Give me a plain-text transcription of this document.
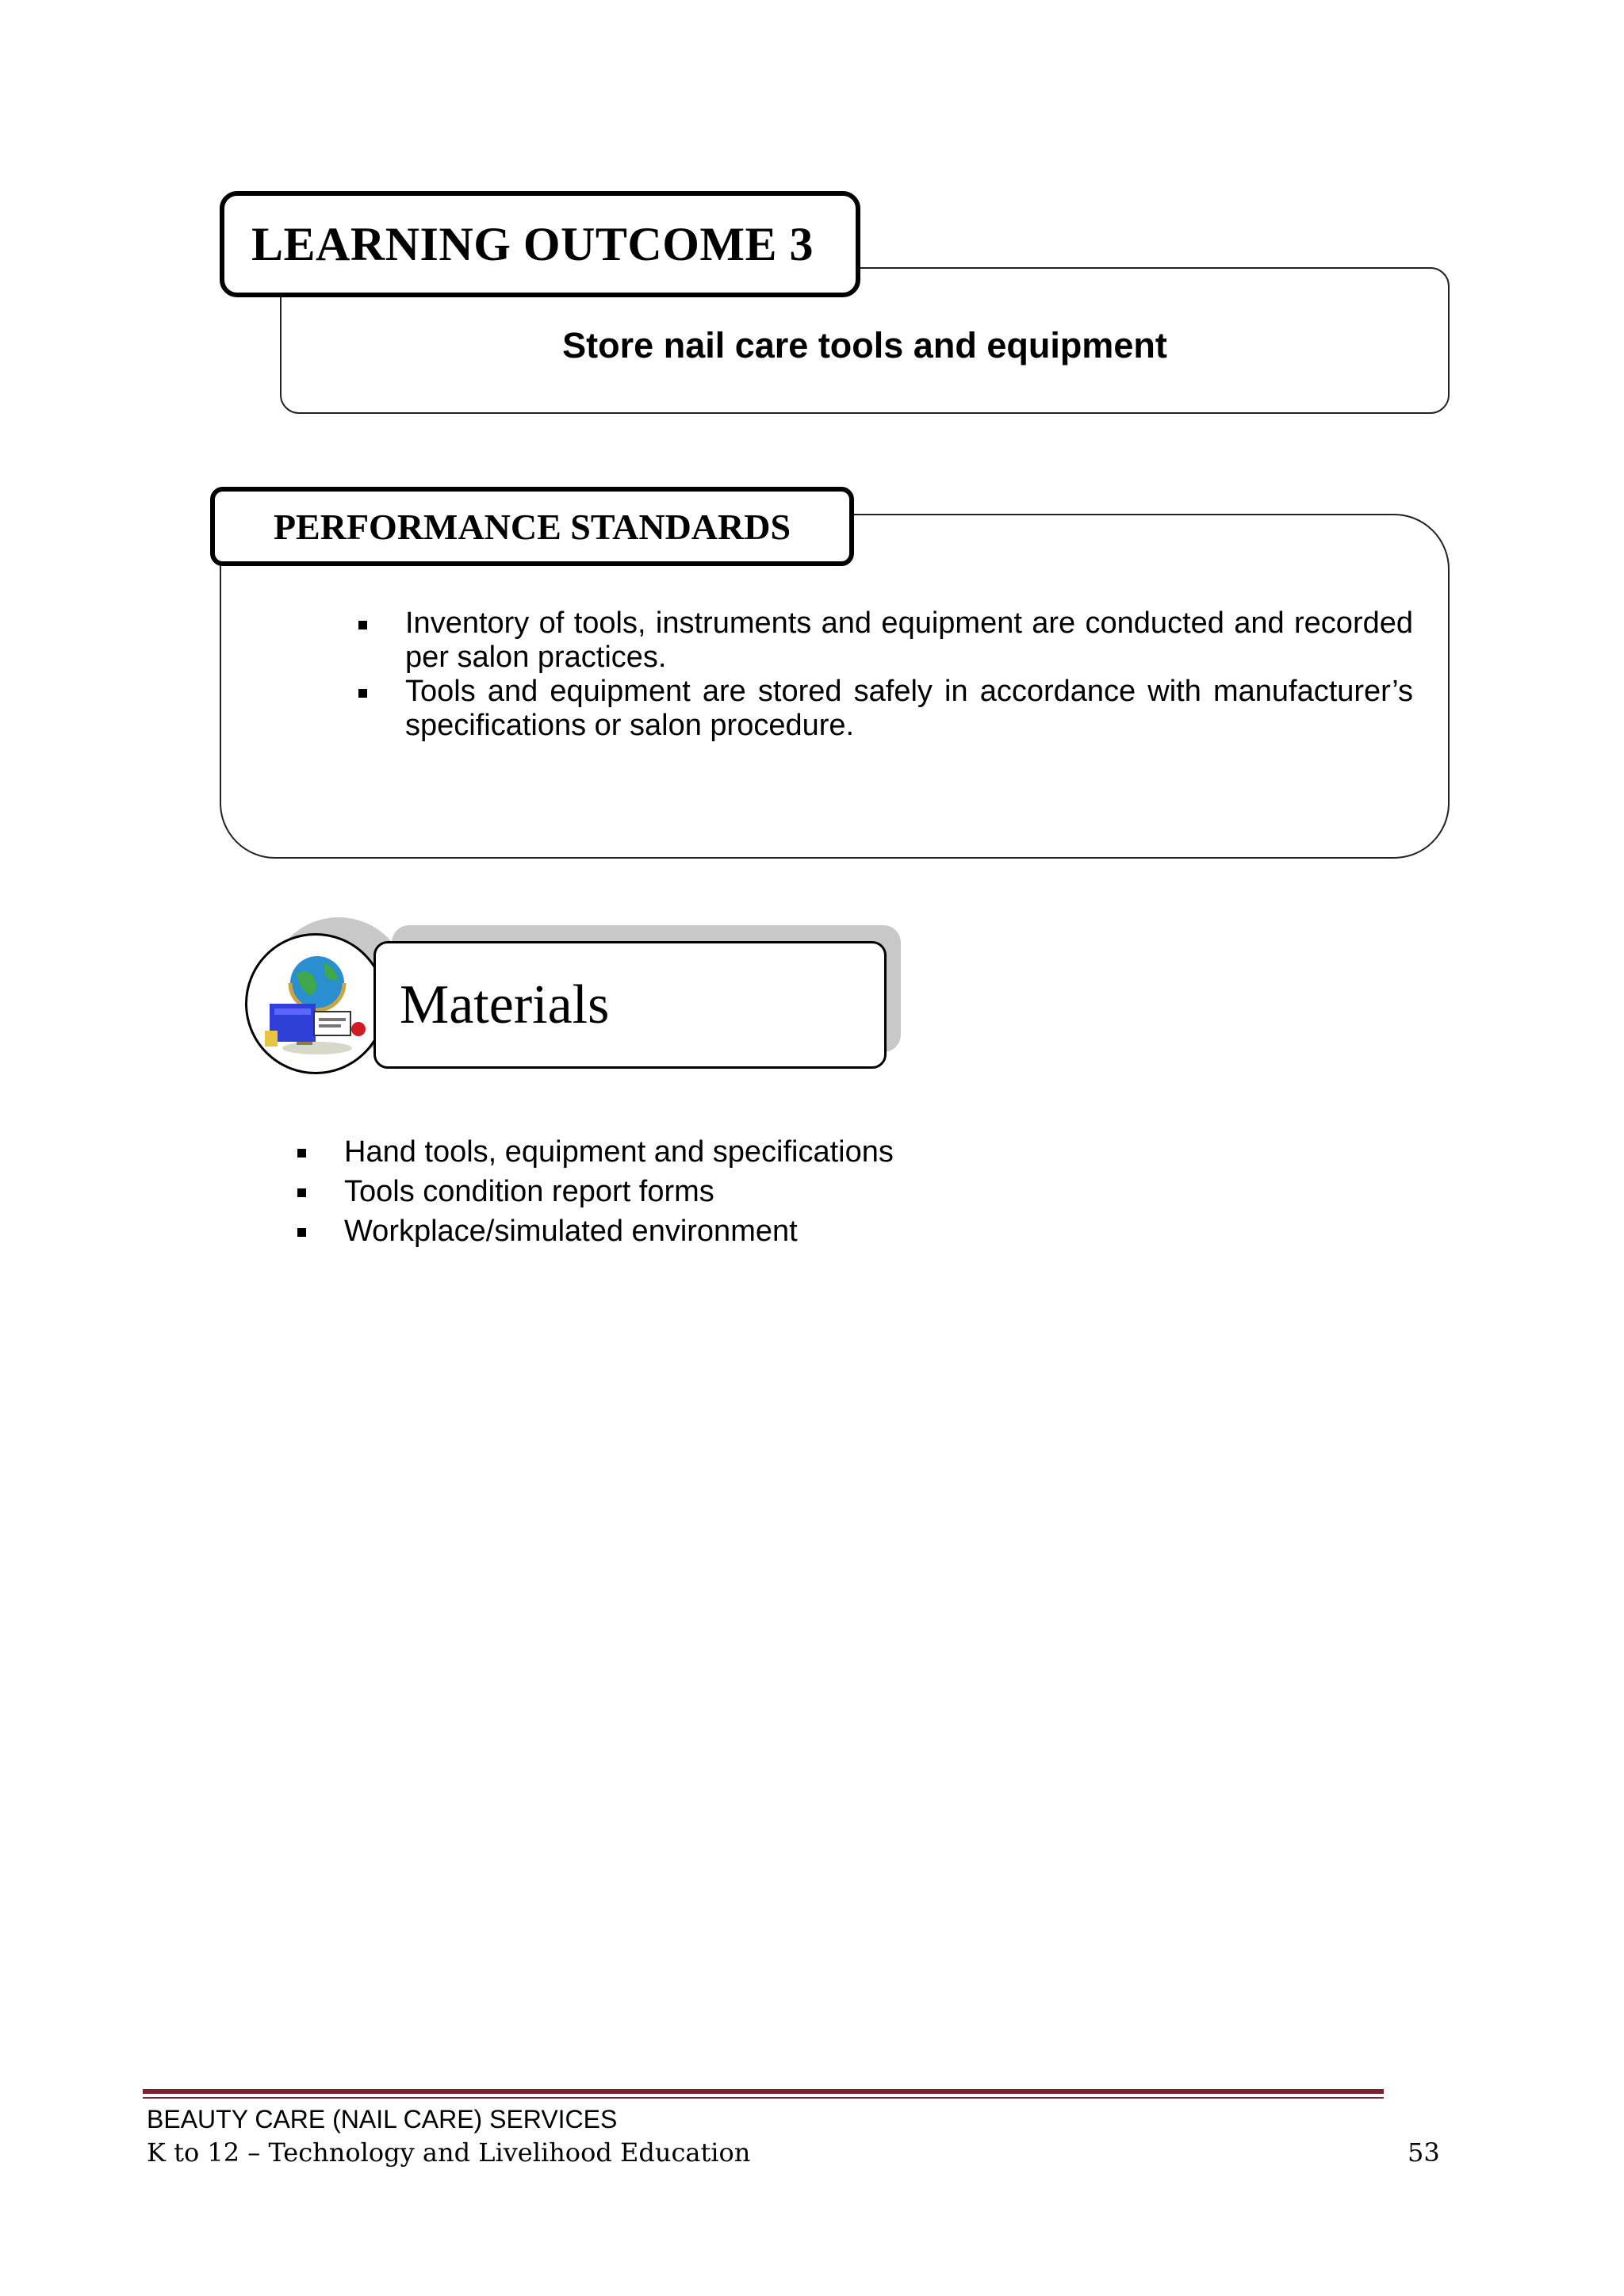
LEARNING OUTCOME 3
Store nail care tools and equipment
PERFORMANCE STANDARDS
Inventory of tools, instruments and equipment are conducted and recorded per salon practices.
Tools and equipment are stored safely in accordance with manufacturer’s specifications or salon procedure.
Materials
Hand tools, equipment and specifications
Tools condition report forms
Workplace/simulated environment
BEAUTY CARE (NAIL CARE) SERVICES
K to 12 – Technology and Livelihood Education	53
